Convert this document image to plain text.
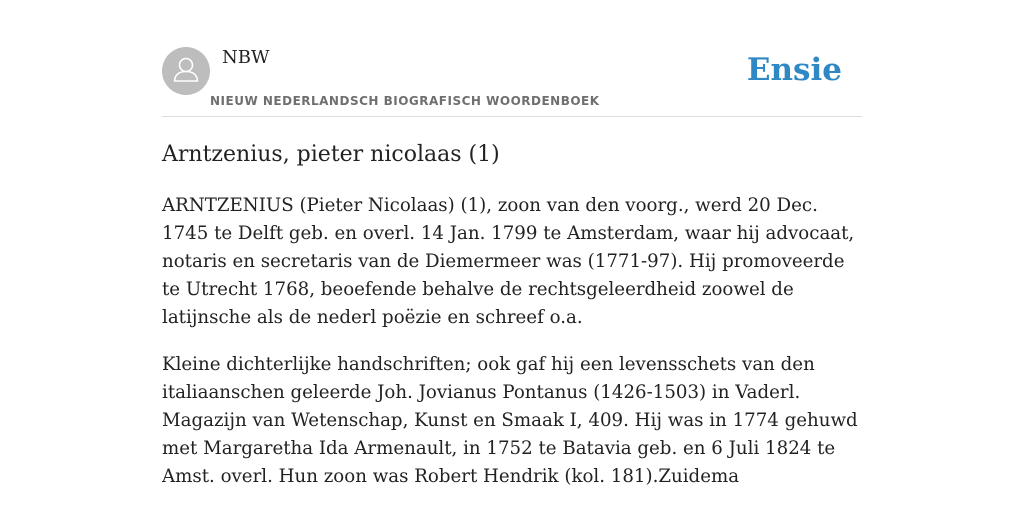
NBW
NIEUW NEDERLANDSCH BIOGRAFISCH WOORDENBOEK
Ensie
Arntzenius, pieter nicolaas (1)

ARNTZENIUS (Pieter Nicolaas) (1), zoon van den voorg., werd 20 Dec. 1745 te Delft geb. en overl. 14 Jan. 1799 te Amsterdam, waar hij advocaat, notaris en secretaris van de Diemermeer was (1771-97). Hij promoveerde te Utrecht 1768, beoefende behalve de rechtsgeleerdheid zoowel de latijnsche als de nederl poëzie en schreef o.a.

Kleine dichterlijke handschriften; ook gaf hij een levensschets van den italiaanschen geleerde Joh. Jovianus Pontanus (1426-1503) in Vaderl. Magazijn van Wetenschap, Kunst en Smaak I, 409. Hij was in 1774 gehuwd met Margaretha Ida Armenault, in 1752 te Batavia geb. en 6 Juli 1824 te Amst. overl. Hun zoon was Robert Hendrik (kol. 181).Zuidema
